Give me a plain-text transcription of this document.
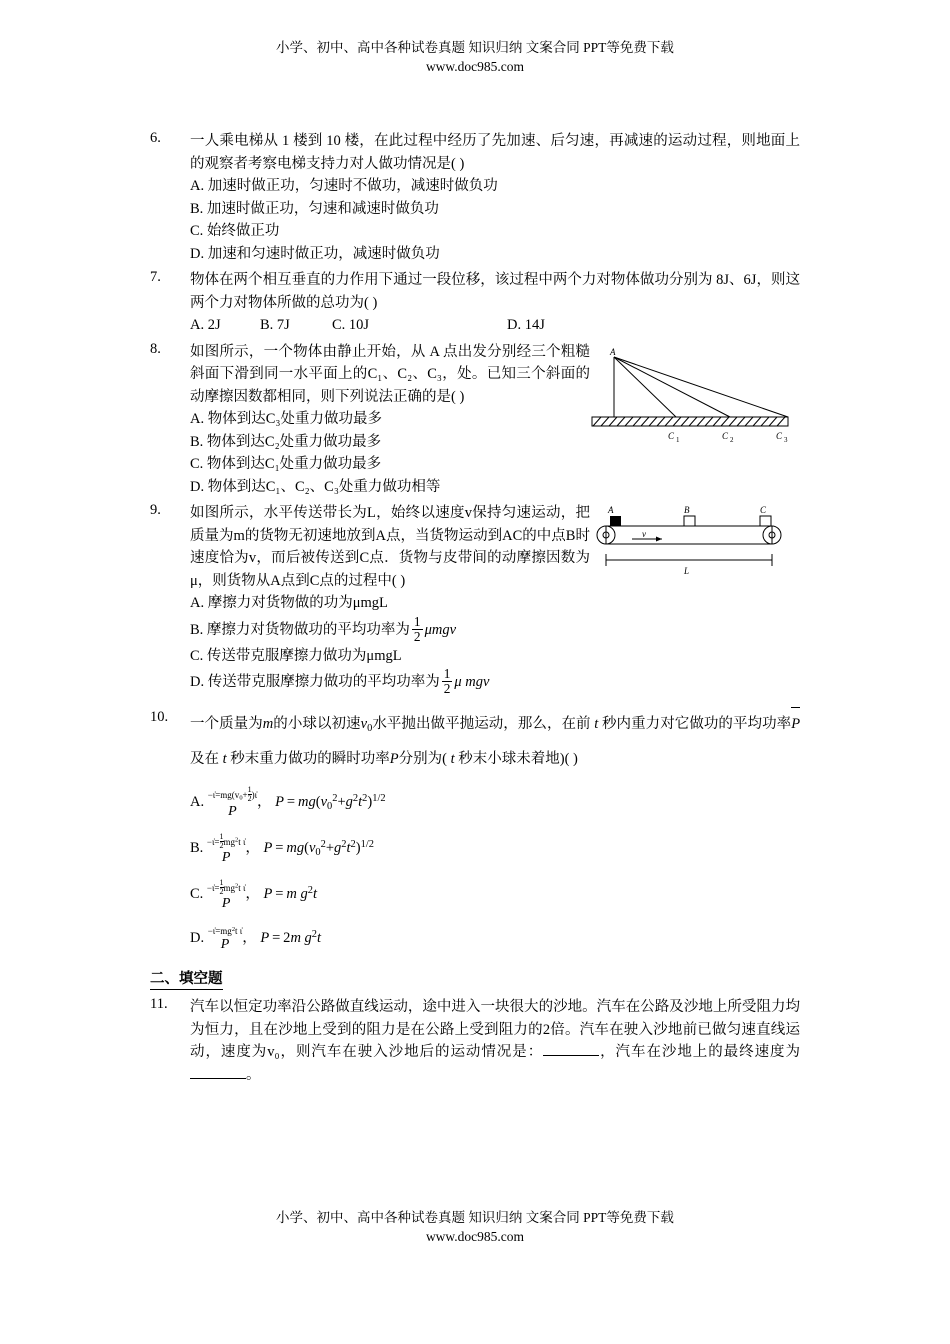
小学、初中、高中各种试卷真题 知识归纳 文案合同 PPT等免费下载
www.doc985.com
6.	一人乘电梯从 1 楼到 10 楼，在此过程中经历了先加速、后匀速，再减速的运动过程，则地面上的观察者考察电梯支持力对人做功情况是( )
A. 加速时做正功，匀速时不做功，减速时做负功
B. 加速时做正功，匀速和减速时做负功
C. 始终做正功
D. 加速和匀速时做正功，减速时做负功
7.	物体在两个相互垂直的力作用下通过一段位移，该过程中两个力对物体做功分别为 8J、6J，则这两个力对物体所做的总功为( )
A. 2J	B. 7J	C. 10J	D. 14J
8.	如图所示，一个物体由静止开始，从 A 点出发分别经三个粗糙斜面下滑到同一水平面上的C₁、C₂、C₃，处。已知三个斜面的动摩擦因数都相同，则下列说法正确的是( )
A
C 1	C 2	C 3
A. 物体到达C₃处重力做功最多
B. 物体到达C₂处重力做功最多
C. 物体到达C₁处重力做功最多
D. 物体到达C₁、C₂、C₃处重力做功相等
9.	如图所示，水平传送带长为L，始终以速度v保持匀速运动，把质量为m的货物无初速地放到A点，当货物运动到AC的中点B时速度恰为v，而后被传送到C点．货物与皮带间的动摩擦因数为μ，则货物从A点到C点的过程中( )
A	B	C
v
L
A. 摩擦力对货物做的功为μmgL
B. 摩擦力对货物做功的平均功率为 $\frac{1}{2}$ μmgv
C. 传送带克服摩擦力做功为μmgL
D. 传送带克服摩擦力做功的平均功率为 $\frac{1}{2}$ μ mgv
10.	一个质量为m的小球以初速$v_0$水平抛出做平抛运动，那么，在前 t 秒内重力对它做功的平均功率
P及在 t 秒末重力做功的瞬时功率P分别为( t 秒末小球未着地)( )
A. $-\iotȧ=mg(v_0+ \frac{1}{2}$ )ι̇
P
， $P = mg(v_0^2+g^2t^2)^{1/2}$
B. −ι̇= $\frac{1}{2} mg^2t$ ι̇
P
， $P = mg(v_0^2+g^2t^2)^{1/2}$
C. −ι̇= $\frac{1}{2} mg^2t$ ι̇
P
， P = m $g^2t$
D. $-\iotȧ=mg^2t$ ι̇
P ， P = 2m $g^2t$
二、填空题
11.	汽车以恒定功率沿公路做直线运动，途中进入一块很大的沙地。汽车在公路及沙地上所受阻力均为恒力，且在沙地上受到的阻力是在公路上受到阻力的2倍。汽车在驶入沙地前已做匀速直线运动，速度为v₀，则汽车在驶入沙地后的运动情况是：	，汽车在沙地上的最终速度为。
小学、初中、高中各种试卷真题 知识归纳 文案合同 PPT等免费下载
www.doc985.com
